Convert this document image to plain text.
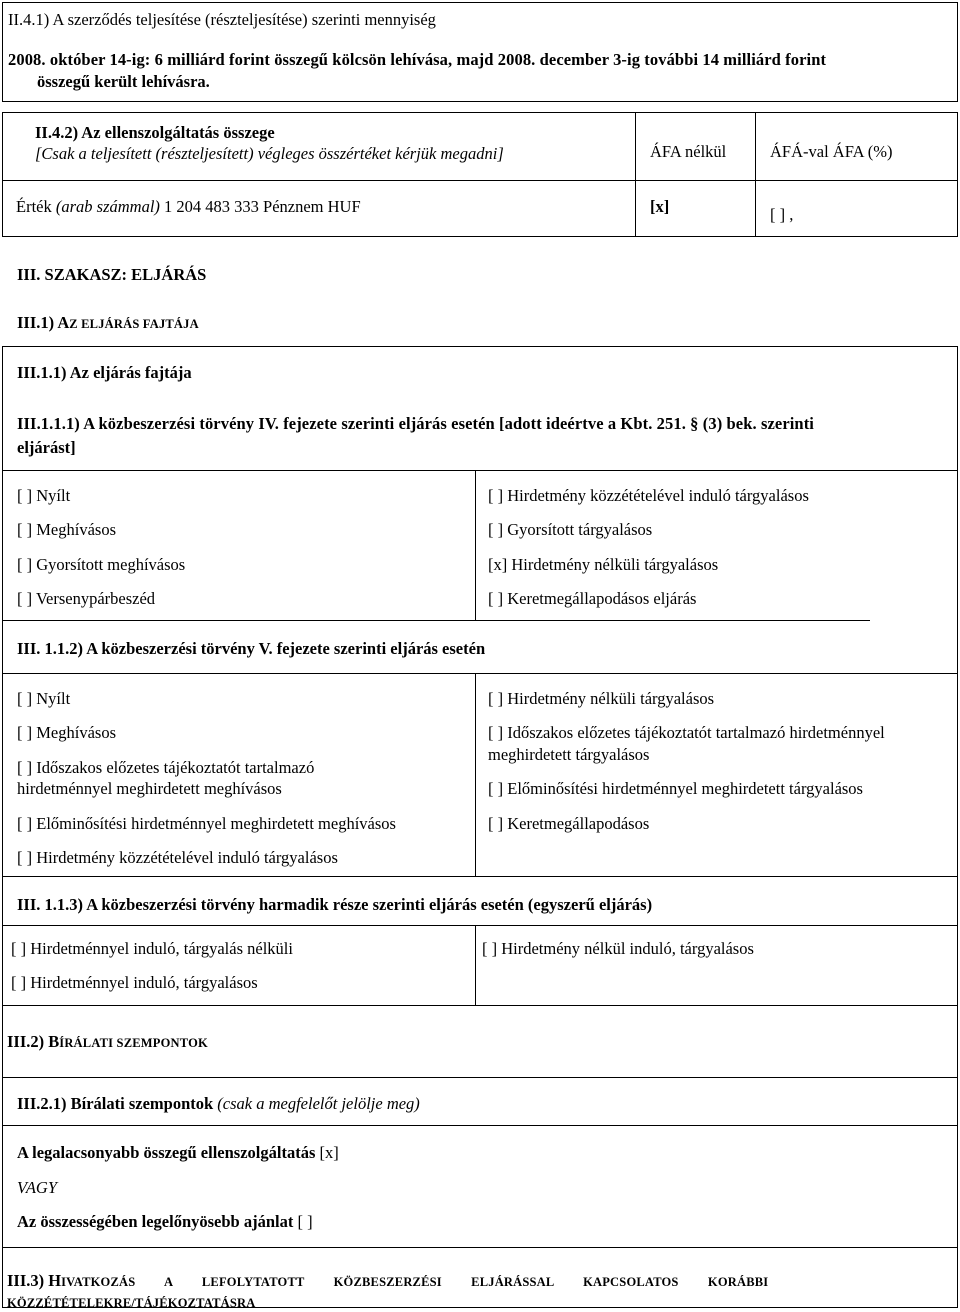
II.4.1) A szerződés teljesítése (részteljesítése) szerinti mennyiség
2008. október 14-ig: 6 milliárd forint összegű kölcsön lehívása, majd 2008. december 3-ig további 14 milliárd forint
összegű került lehívásra.
II.4.2) Az ellenszolgáltatás összege
[Csak a teljesített (részteljesített) végleges összértéket kérjük megadni]	ÁFA nélkül	ÁFÁ-val ÁFA (%)
Érték (arab számmal) 1 204 483 333 Pénznem HUF	[x]	[ ] ,
III. SZAKASZ: ELJÁRÁS
III.1) AZ ELJÁRÁS FAJTÁJA
III.1.1) Az eljárás fajtája
III.1.1.1) A közbeszerzési törvény IV. fejezete szerinti eljárás esetén [adott ideértve a Kbt. 251. § (3) bek. szerinti
eljárást]
[ ] Nyílt
[ ] Meghívásos
[ ] Gyorsított meghívásos
[ ] Versenypárbeszéd
[ ] Hirdetmény közzétételével induló tárgyalásos
[ ] Gyorsított tárgyalásos
[x] Hirdetmény nélküli tárgyalásos
[ ] Keretmegállapodásos eljárás
III. 1.1.2) A közbeszerzési törvény V. fejezete szerinti eljárás esetén
[ ] Nyílt
[ ] Meghívásos
[ ] Időszakos előzetes tájékoztatót tartalmazó
hirdetménnyel meghirdetett meghívásos
[ ] Előminősítési hirdetménnyel meghirdetett meghívásos
[ ] Hirdetmény közzétételével induló tárgyalásos
[ ] Hirdetmény nélküli tárgyalásos
[ ] Időszakos előzetes tájékoztatót tartalmazó hirdetménnyel
meghirdetett tárgyalásos
[ ] Előminősítési hirdetménnyel meghirdetett tárgyalásos
[ ] Keretmegállapodásos
III. 1.1.3) A közbeszerzési törvény harmadik része szerinti eljárás esetén (egyszerű eljárás)
[ ] Hirdetménnyel induló, tárgyalás nélküli
[ ] Hirdetménnyel induló, tárgyalásos
[ ] Hirdetmény nélkül induló, tárgyalásos
III.2) BÍRÁLATI SZEMPONTOK
III.2.1) Bírálati szempontok (csak a megfelelőt jelölje meg)
A legalacsonyabb összegű ellenszolgáltatás [x]
VAGY
Az összességében legelőnyösebb ajánlat [ ]
III.3) HIVATKOZÁS A LEFOLYTATOTT KÖZBESZERZÉSI ELJÁRÁSSAL KAPCSOLATOS KORÁBBI
KÖZZÉTÉTELEKRE/TÁJÉKOZTATÁSRA
